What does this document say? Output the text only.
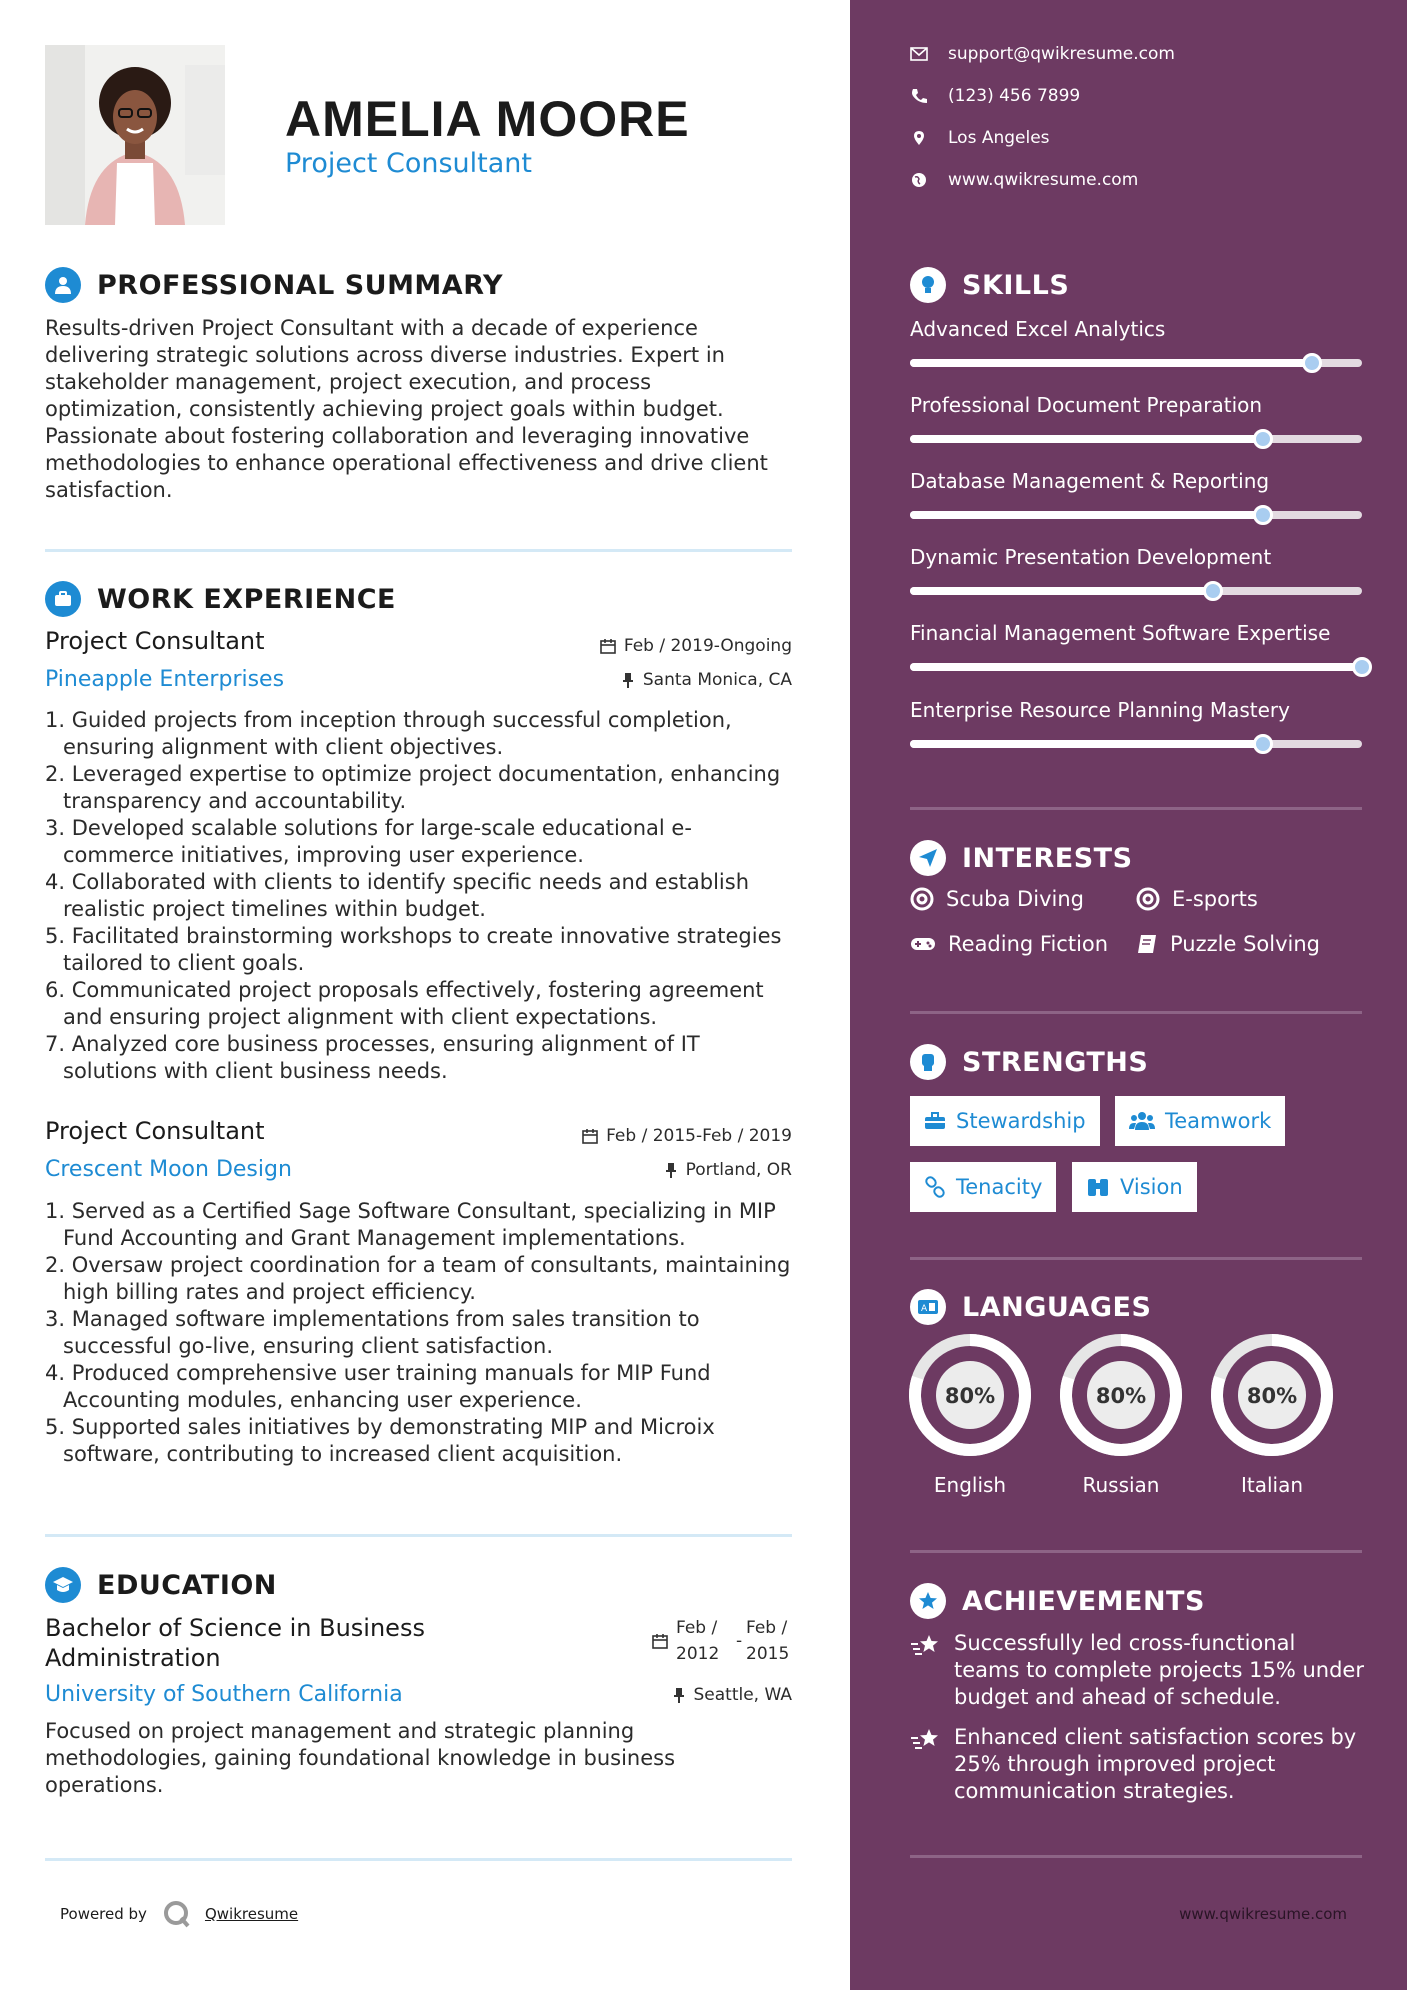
AMELIA MOORE
Project Consultant
PROFESSIONAL SUMMARY
Results-driven Project Consultant with a decade of experience delivering strategic solutions across diverse industries. Expert in stakeholder management, project execution, and process optimization, consistently achieving project goals within budget. Passionate about fostering collaboration and leveraging innovative methodologies to enhance operational effectiveness and drive client satisfaction.
WORK EXPERIENCE
Project Consultant	Feb / 2019-Ongoing
Pineapple Enterprises	Santa Monica, CA
Guided projects from inception through successful completion, ensuring alignment with client objectives.
Leveraged expertise to optimize project documentation, enhancing transparency and accountability.
Developed scalable solutions for large-scale educational e-commerce initiatives, improving user experience.
Collaborated with clients to identify specific needs and establish realistic project timelines within budget.
Facilitated brainstorming workshops to create innovative strategies tailored to client goals.
Communicated project proposals effectively, fostering agreement and ensuring project alignment with client expectations.
Analyzed core business processes, ensuring alignment of IT solutions with client business needs.
Project Consultant	Feb / 2015-Feb / 2019
Crescent Moon Design	Portland, OR
Served as a Certified Sage Software Consultant, specializing in MIP Fund Accounting and Grant Management implementations.
Oversaw project coordination for a team of consultants, maintaining high billing rates and project efficiency.
Managed software implementations from sales transition to successful go-live, ensuring client satisfaction.
Produced comprehensive user training manuals for MIP Fund Accounting modules, enhancing user experience.
Supported sales initiatives by demonstrating MIP and Microix software, contributing to increased client acquisition.
EDUCATION
Bachelor of Science in Business Administration
Feb /
2012
-
Feb /
2015
University of Southern California	Seattle, WA
Focused on project management and strategic planning methodologies, gaining foundational knowledge in business operations.
Powered by	Qwikresume
support@qwikresume.com
(123) 456 7899
Los Angeles
www.qwikresume.com
SKILLS
Advanced Excel Analytics
Professional Document Preparation
Database Management & Reporting
Dynamic Presentation Development
Financial Management Software Expertise
Enterprise Resource Planning Mastery
INTERESTS
Scuba Diving	E-sports
Reading Fiction	Puzzle Solving
STRENGTHS
Stewardship	Teamwork
Tenacity	Vision
A LANGUAGES
80%
English
80%
Russian
80%
Italian
ACHIEVEMENTS
Successfully led cross-functional teams to complete projects 15% under budget and ahead of schedule.
Enhanced client satisfaction scores by 25% through improved project communication strategies.
www.qwikresume.com
